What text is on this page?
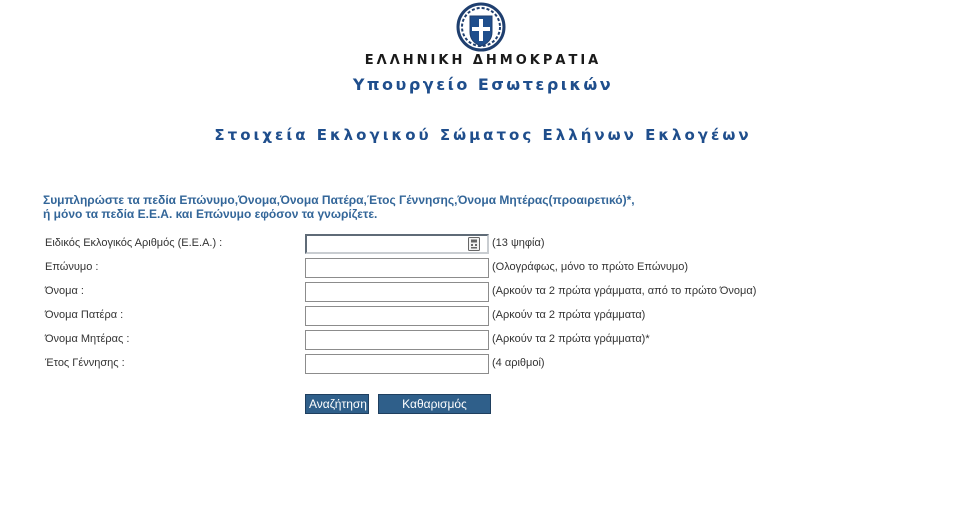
ΕΛΛΗΝΙΚΗ ΔΗΜΟΚΡΑΤΙΑ
Υπουργείο Εσωτερικών
Στοιχεία Εκλογικού Σώματος Ελλήνων Εκλογέων
Συμπληρώστε τα πεδία Επώνυμο,Όνομα,Όνομα Πατέρα,Έτος Γέννησης,Όνομα Μητέρας(προαιρετικό)*,
ή μόνο τα πεδία Ε.Ε.Α. και Επώνυμο εφόσον τα γνωρίζετε.
Ειδικός Εκλογικός Αριθμός (Ε.Ε.Α.) :	(13 ψηφία)
Επώνυμο :	(Ολογράφως, μόνο το πρώτο Επώνυμο)
Όνομα :	(Αρκούν τα 2 πρώτα γράμματα, από το πρώτο Όνομα)
Όνομα Πατέρα :	(Αρκούν τα 2 πρώτα γράμματα)
Όνομα Μητέρας :	(Αρκούν τα 2 πρώτα γράμματα)*
Έτος Γέννησης :	(4 αριθμοί)
Αναζήτηση	Καθαρισμός Πεδίων
